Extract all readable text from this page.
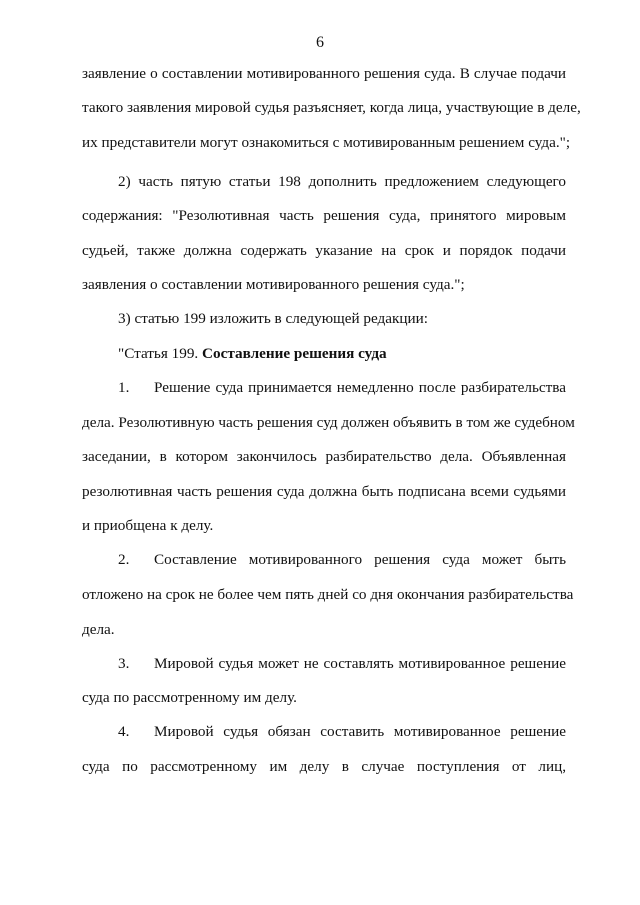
6
заявление о составлении мотивированного решения суда. В случае подачи
такого заявления мировой судья разъясняет, когда лица, участвующие в деле,
их представители могут ознакомиться с мотивированным решением суда.";
2) часть пятую статьи 198 дополнить предложением следующего
содержания: "Резолютивная часть решения суда, принятого мировым
судьей, также должна содержать указание на срок и порядок подачи
заявления о составлении мотивированного решения суда.";
3) статью 199 изложить в следующей редакции:
"Статья 199. Составление решения суда
1. Решение суда принимается немедленно после разбирательства
дела. Резолютивную часть решения суд должен объявить в том же судебном
заседании, в котором закончилось разбирательство дела. Объявленная
резолютивная часть решения суда должна быть подписана всеми судьями
и приобщена к делу.
2. Составление мотивированного решения суда может быть
отложено на срок не более чем пять дней со дня окончания разбирательства
дела.
3. Мировой судья может не составлять мотивированное решение
суда по рассмотренному им делу.
4. Мировой судья обязан составить мотивированное решение
суда по рассмотренному им делу в случае поступления от лиц,
